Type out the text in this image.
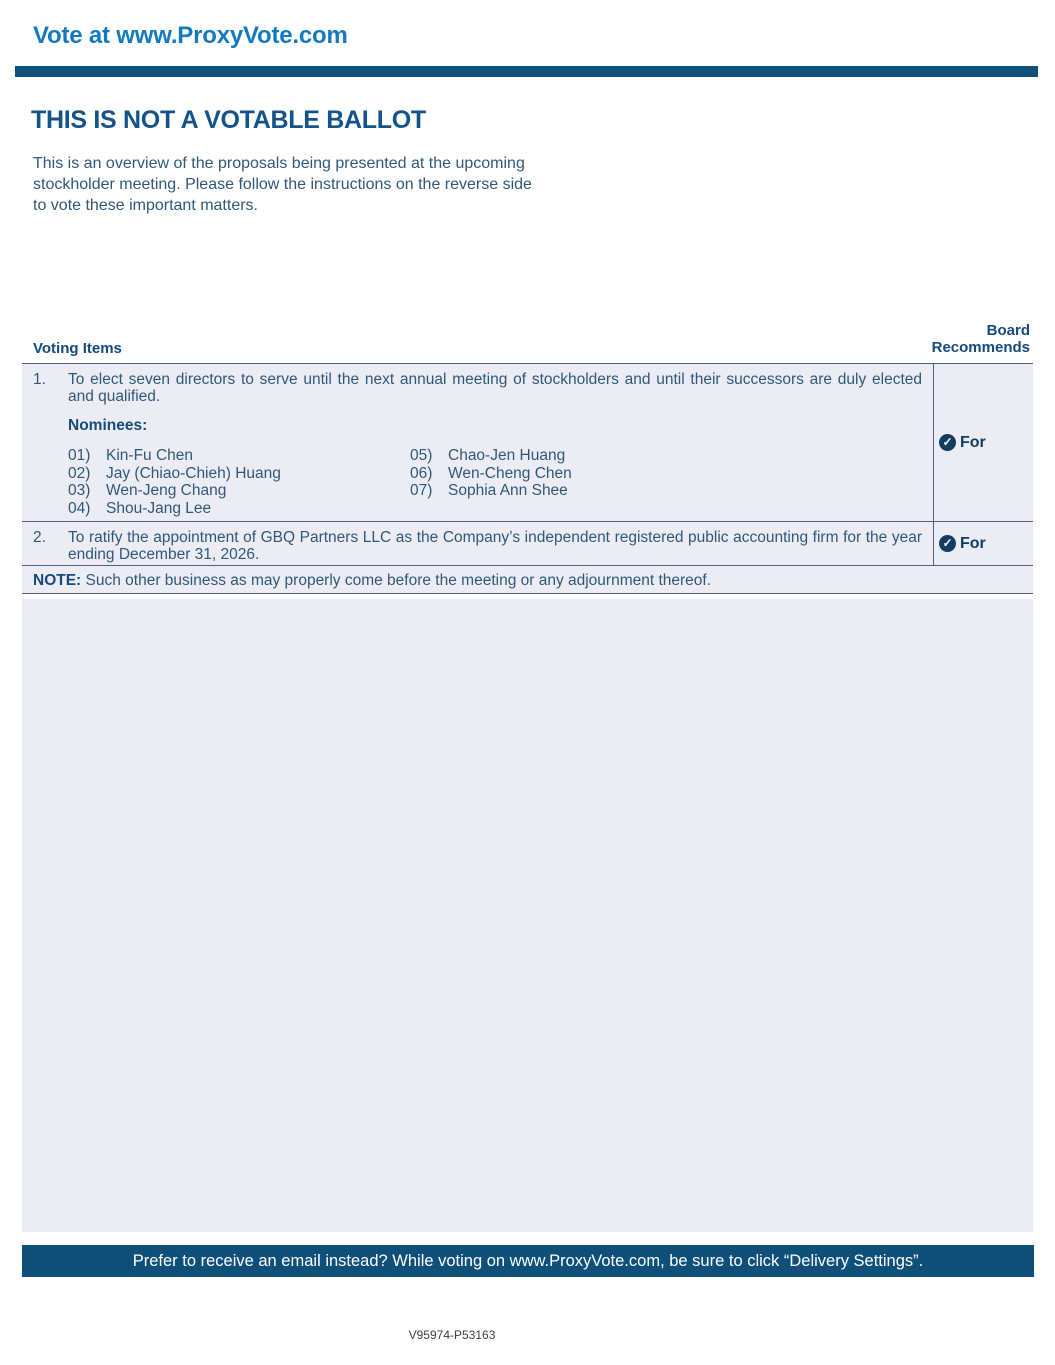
Vote at www.ProxyVote.com
THIS IS NOT A VOTABLE BALLOT
This is an overview of the proposals being presented at the upcoming stockholder meeting. Please follow the instructions on the reverse side to vote these important matters.
Voting Items
Board
Recommends
1.	To elect seven directors to serve until the next annual meeting of stockholders and until their successors are duly elected and qualified.
Nominees:
01)	Kin-Fu Chen
02)	Jay (Chiao-Chieh) Huang
03)	Wen-Jeng Chang
04)	Shou-Jang Lee
05)	Chao-Jen Huang
06)	Wen-Cheng Chen
07)	Sophia Ann Shee
✓ For
2.	To ratify the appointment of GBQ Partners LLC as the Company’s independent registered public accounting firm for the year ending December 31, 2026.
✓ For
NOTE: Such other business as may properly come before the meeting or any adjournment thereof.
Prefer to receive an email instead? While voting on www.ProxyVote.com, be sure to click “Delivery Settings”.
V95974-P53163
